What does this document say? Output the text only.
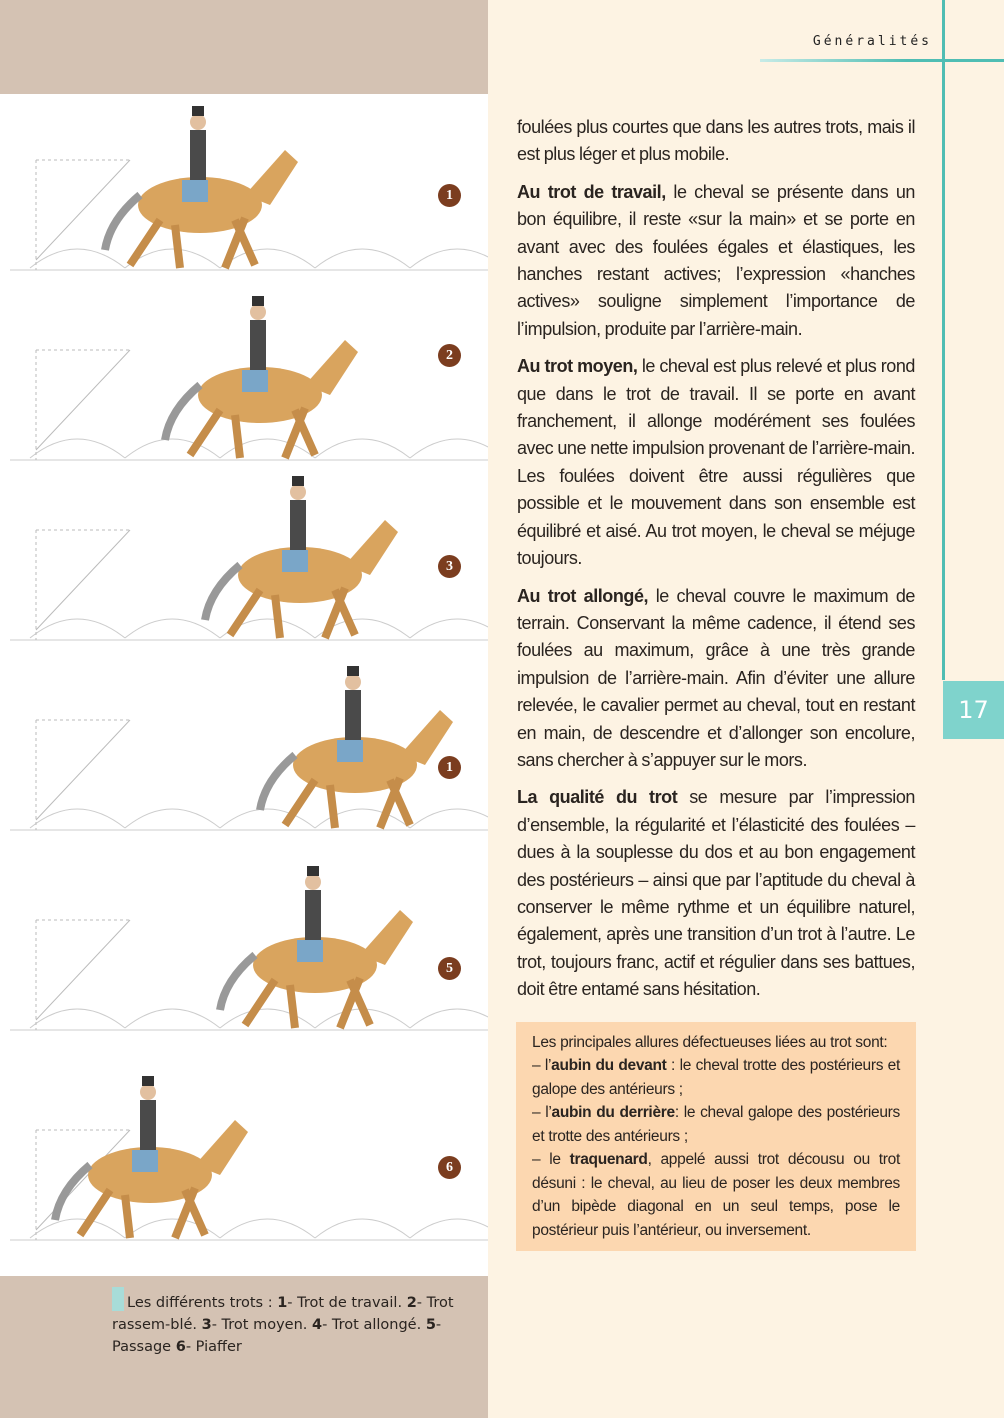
1
2
3
1
5
6
Les différents trots : 1- Trot de travail. 2- Trot rassem-blé. 3- Trot moyen. 4- Trot allongé. 5- Passage 6- Piaffer
Généralités
17

foulées plus courtes que dans les autres trots, mais il est plus léger et plus mobile.

Au trot de travail, le cheval se présente dans un bon équilibre, il reste «sur la main» et se porte en avant avec des foulées égales et élastiques, les hanches restant actives; l’expression «hanches actives» souligne simplement l’importance de l’impulsion, produite par l’arrière-main.

Au trot moyen, le cheval est plus relevé et plus rond que dans le trot de travail. Il se porte en avant franchement, il allonge modérément ses foulées avec une nette impulsion provenant de l’arrière-main. Les foulées doivent être aussi régulières que possible et le mouvement dans son ensemble est équilibré et aisé. Au trot moyen, le cheval se méjuge toujours.

Au trot allongé, le cheval couvre le maximum de terrain. Conservant la même cadence, il étend ses foulées au maximum, grâce à une très grande impulsion de l’arrière-main. Afin d’éviter une allure relevée, le cavalier permet au cheval, tout en restant en main, de descendre et d’allonger son encolure, sans chercher à s’appuyer sur le mors.

La qualité du trot se mesure par l’impression d’ensemble, la régularité et l’élasticité des foulées – dues à la souplesse du dos et au bon engagement des postérieurs – ainsi que par l’aptitude du cheval à conserver le même rythme et un équilibre naturel, également, après une transition d’un trot à l’autre. Le trot, toujours franc, actif et régulier dans ses battues, doit être entamé sans hésitation.

Les principales allures défectueuses liées au trot sont:

– l’aubin du devant : le cheval trotte des postérieurs et galope des antérieurs ;

– l’aubin du derrière: le cheval galope des postérieurs et trotte des antérieurs ;

– le traquenard, appelé aussi trot décousu ou trot désuni : le cheval, au lieu de poser les deux membres d’un bipède diagonal en un seul temps, pose le postérieur puis l’antérieur, ou inversement.
